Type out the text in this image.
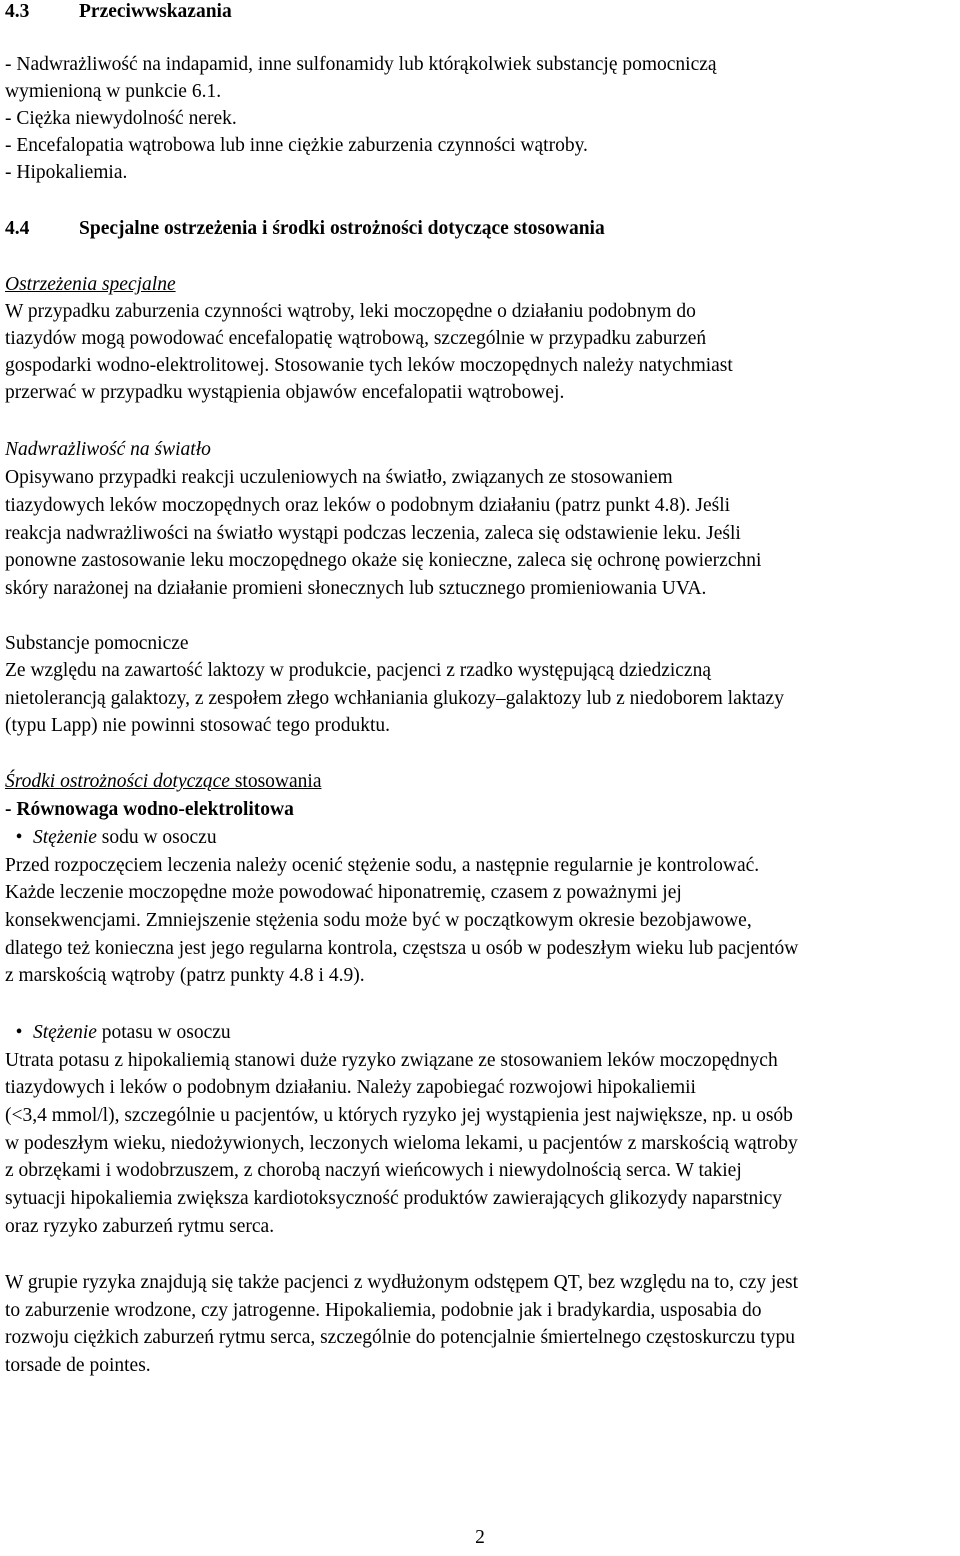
4.3	Przeciwwskazania
- Nadwrażliwość na indapamid, inne sulfonamidy lub którąkolwiek substancję pomocniczą
wymienioną w punkcie 6.1.
- Ciężka niewydolność nerek.
- Encefalopatia wątrobowa lub inne ciężkie zaburzenia czynności wątroby.
- Hipokaliemia.
4.4	Specjalne ostrzeżenia i środki ostrożności dotyczące stosowania
Ostrzeżenia specjalne
W przypadku zaburzenia czynności wątroby, leki moczopędne o działaniu podobnym do
tiazydów mogą powodować encefalopatię wątrobową, szczególnie w przypadku zaburzeń
gospodarki wodno-elektrolitowej. Stosowanie tych leków moczopędnych należy natychmiast
przerwać w przypadku wystąpienia objawów encefalopatii wątrobowej.
Nadwrażliwość na światło
Opisywano przypadki reakcji uczuleniowych na światło, związanych ze stosowaniem
tiazydowych leków moczopędnych oraz leków o podobnym działaniu (patrz punkt 4.8). Jeśli
reakcja nadwrażliwości na światło wystąpi podczas leczenia, zaleca się odstawienie leku. Jeśli
ponowne zastosowanie leku moczopędnego okaże się konieczne, zaleca się ochronę powierzchni
skóry narażonej na działanie promieni słonecznych lub sztucznego promieniowania UVA.
Substancje pomocnicze
Ze względu na zawartość laktozy w produkcie, pacjenci z rzadko występującą dziedziczną
nietolerancją galaktozy, z zespołem złego wchłaniania glukozy–galaktozy lub z niedoborem laktazy
(typu Lapp) nie powinni stosować tego produktu.
Środki ostrożności dotyczące stosowania
- Równowaga wodno-elektrolitowa
• Stężenie sodu w osoczu
Przed rozpoczęciem leczenia należy ocenić stężenie sodu, a następnie regularnie je kontrolować.
Każde leczenie moczopędne może powodować hiponatremię, czasem z poważnymi jej
konsekwencjami. Zmniejszenie stężenia sodu może być w początkowym okresie bezobjawowe,
dlatego też konieczna jest jego regularna kontrola, częstsza u osób w podeszłym wieku lub pacjentów
z marskością wątroby (patrz punkty 4.8 i 4.9).
• Stężenie potasu w osoczu
Utrata potasu z hipokaliemią stanowi duże ryzyko związane ze stosowaniem leków moczopędnych
tiazydowych i leków o podobnym działaniu. Należy zapobiegać rozwojowi hipokaliemii
(<3,4 mmol/l), szczególnie u pacjentów, u których ryzyko jej wystąpienia jest największe, np. u osób
w podeszłym wieku, niedożywionych, leczonych wieloma lekami, u pacjentów z marskością wątroby
z obrzękami i wodobrzuszem, z chorobą naczyń wieńcowych i niewydolnością serca. W takiej
sytuacji hipokaliemia zwiększa kardiotoksyczność produktów zawierających glikozydy naparstnicy
oraz ryzyko zaburzeń rytmu serca.
W grupie ryzyka znajdują się także pacjenci z wydłużonym odstępem QT, bez względu na to, czy jest
to zaburzenie wrodzone, czy jatrogenne. Hipokaliemia, podobnie jak i bradykardia, usposabia do
rozwoju ciężkich zaburzeń rytmu serca, szczególnie do potencjalnie śmiertelnego częstoskurczu typu
torsade de pointes.
2
